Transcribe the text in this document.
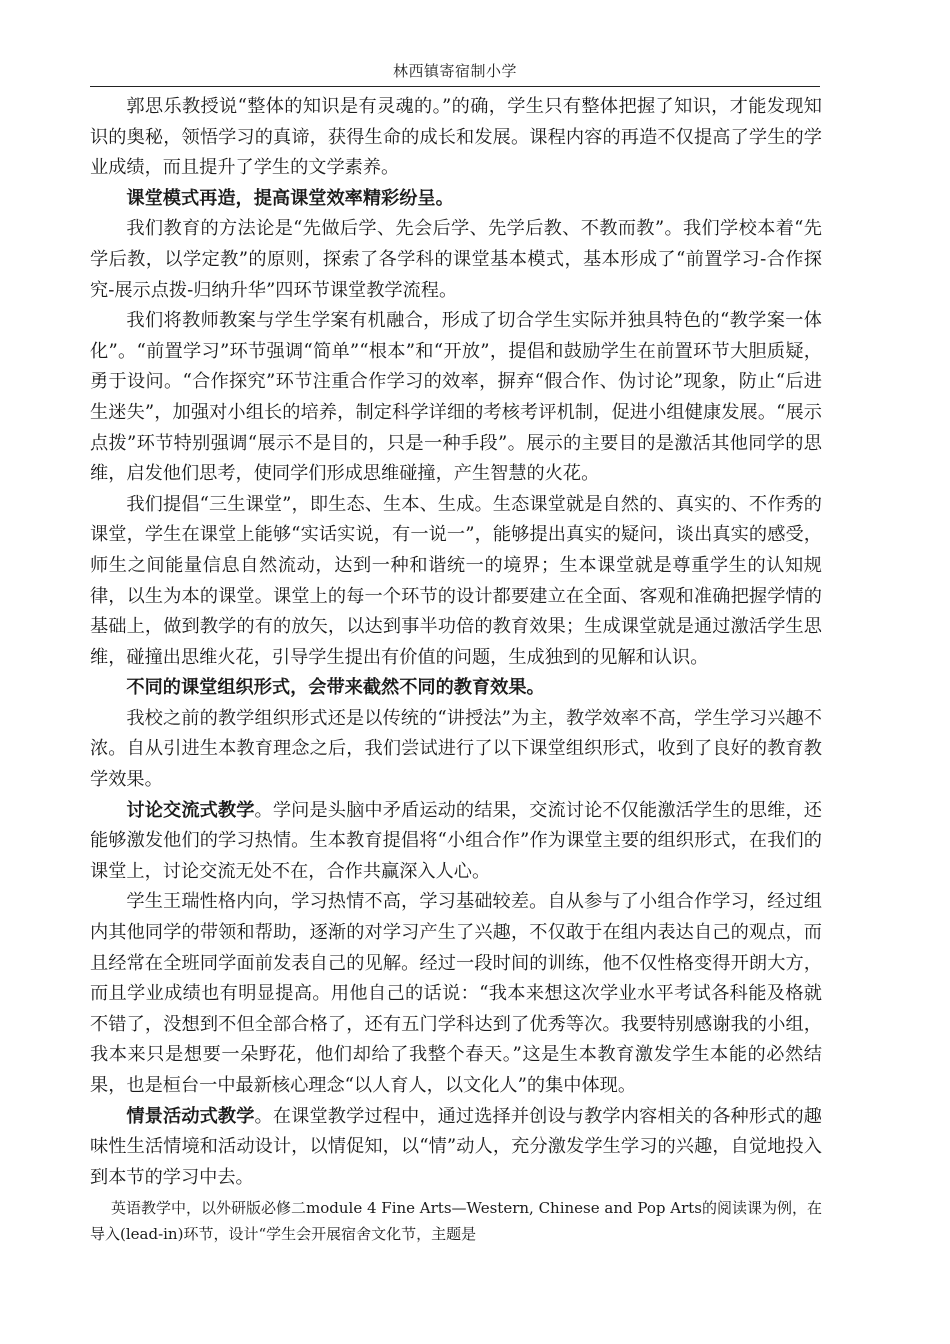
林西镇寄宿制小学

郭思乐教授说“整体的知识是有灵魂的。”的确，学生只有整体把握了知识，才能发现知识的奥秘，领悟学习的真谛，获得生命的成长和发展。课程内容的再造不仅提高了学生的学业成绩，而且提升了学生的文学素养。

课堂模式再造，提高课堂效率精彩纷呈。

我们教育的方法论是“先做后学、先会后学、先学后教、不教而教”。我们学校本着“先学后教，以学定教”的原则，探索了各学科的课堂基本模式，基本形成了“前置学习-合作探究-展示点拨-归纳升华”四环节课堂教学流程。

我们将教师教案与学生学案有机融合，形成了切合学生实际并独具特色的“教学案一体化”。“前置学习”环节强调“简单”“根本”和“开放”，提倡和鼓励学生在前置环节大胆质疑，勇于设问。“合作探究”环节注重合作学习的效率，摒弃“假合作、伪讨论”现象，防止“后进生迷失”，加强对小组长的培养，制定科学详细的考核考评机制，促进小组健康发展。“展示点拨”环节特别强调“展示不是目的，只是一种手段”。展示的主要目的是激活其他同学的思维，启发他们思考，使同学们形成思维碰撞，产生智慧的火花。

我们提倡“三生课堂”，即生态、生本、生成。生态课堂就是自然的、真实的、不作秀的课堂，学生在课堂上能够“实话实说，有一说一”，能够提出真实的疑问，谈出真实的感受，师生之间能量信息自然流动，达到一种和谐统一的境界；生本课堂就是尊重学生的认知规律，以生为本的课堂。课堂上的每一个环节的设计都要建立在全面、客观和准确把握学情的基础上，做到教学的有的放矢，以达到事半功倍的教育效果；生成课堂就是通过激活学生思维，碰撞出思维火花，引导学生提出有价值的问题，生成独到的见解和认识。

不同的课堂组织形式，会带来截然不同的教育效果。

我校之前的教学组织形式还是以传统的“讲授法”为主，教学效率不高，学生学习兴趣不浓。自从引进生本教育理念之后，我们尝试进行了以下课堂组织形式，收到了良好的教育教学效果。

讨论交流式教学。学问是头脑中矛盾运动的结果，交流讨论不仅能激活学生的思维，还能够激发他们的学习热情。生本教育提倡将“小组合作”作为课堂主要的组织形式，在我们的课堂上，讨论交流无处不在，合作共赢深入人心。

学生王瑞性格内向，学习热情不高，学习基础较差。自从参与了小组合作学习，经过组内其他同学的带领和帮助，逐渐的对学习产生了兴趣，不仅敢于在组内表达自己的观点，而且经常在全班同学面前发表自己的见解。经过一段时间的训练，他不仅性格变得开朗大方，而且学业成绩也有明显提高。用他自己的话说：“我本来想这次学业水平考试各科能及格就不错了，没想到不但全部合格了，还有五门学科达到了优秀等次。我要特别感谢我的小组，我本来只是想要一朵野花，他们却给了我整个春天。”这是生本教育激发学生本能的必然结果，也是桓台一中最新核心理念“以人育人，以文化人”的集中体现。

情景活动式教学。在课堂教学过程中，通过选择并创设与教学内容相关的各种形式的趣味性生活情境和活动设计，以情促知，以“情”动人，充分激发学生学习的兴趣，自觉地投入到本节的学习中去。

英语教学中，以外研版必修二module 4 Fine Arts—Western, Chinese and Pop Arts的阅读课为例，在导入(lead-in)环节，设计“学生会开展宿舍文化节，主题是
